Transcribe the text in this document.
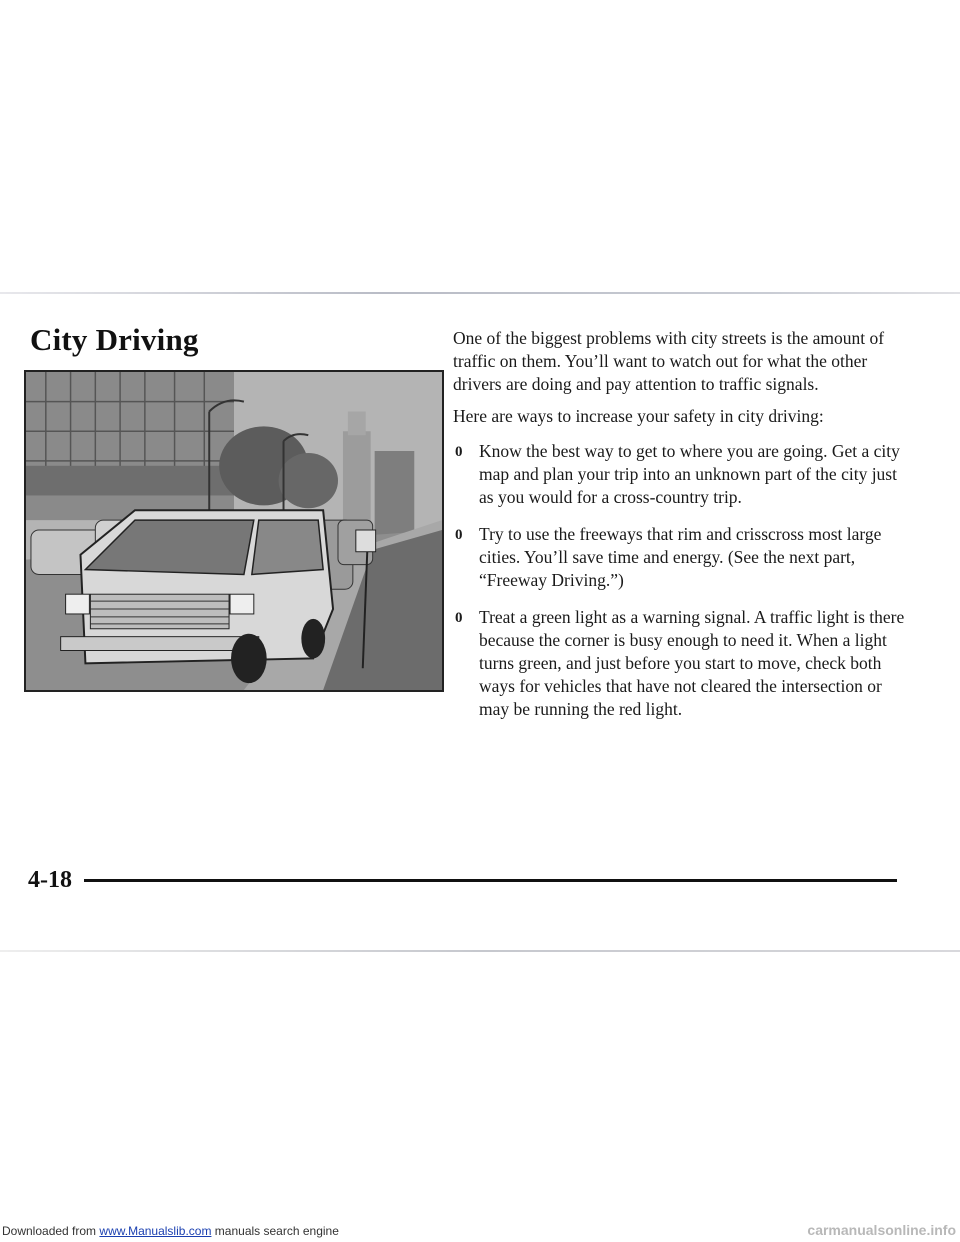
City Driving	One of the biggest problems with city streets is the amount of traffic on them. You’ll want to watch out for what the other drivers are doing and pay attention to traffic signals.

Here are ways to increase your safety in city driving:

0 Know the best way to get to where you are going. Get a city map and plan your trip into an unknown part of the city just as you would for a cross-country trip.
0 Try to use the freeways that rim and crisscross most large cities. You’ll save time and energy. (See the next part, “Freeway Driving.”)
0 Treat a green light as a warning signal. A traffic light is there because the corner is busy enough to need it. When a light turns green, and just before you start to move, check both ways for vehicles that have not cleared the intersection or may be running the red light.
4-18
Downloaded from www.Manualslib.com manuals search engine	carmanualsonline.info
